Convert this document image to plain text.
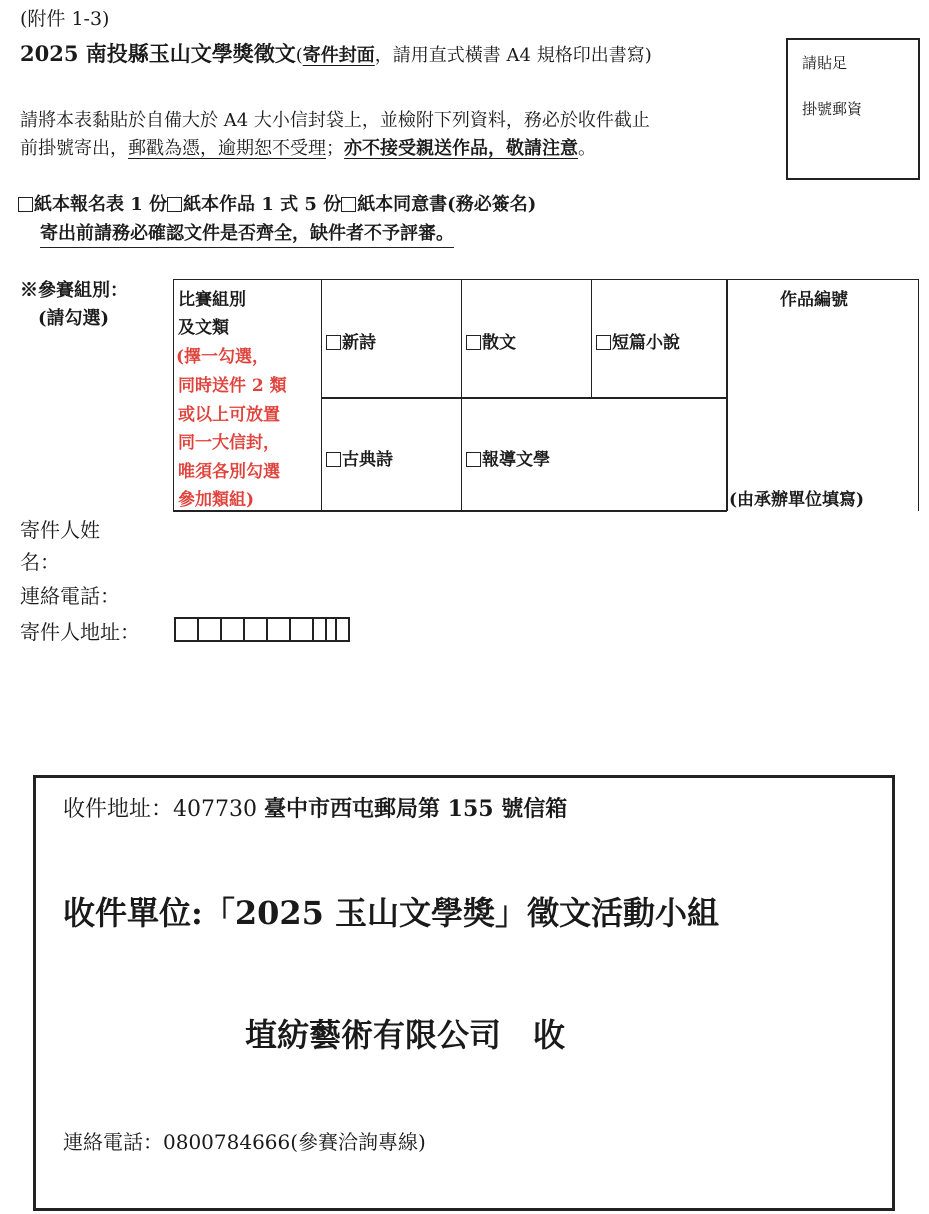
(附件 1-3)
2025 南投縣玉山文學獎徵文(寄件封面，請用直式橫書 A4 規格印出書寫)	請貼足
掛號郵資
請將本表黏貼於自備大於 A4 大小信封袋上，並檢附下列資料，務必於收件截止
前掛號寄出，郵戳為憑，逾期恕不受理；亦不接受親送作品，敬請注意。
紙本報名表 1 份 紙本作品 1 式 5 份 紙本同意書(務必簽名)
寄出前請務必確認文件是否齊全，缺件者不予評審。
※參賽組別：
(請勾選)
比賽組別
及文類
(擇一勾選，
同時送件 2 類
或以上可放置
同一大信封，
唯須各別勾選
參加類組)
新詩	散文	短篇小說
古典詩	報導文學
作品編號
(由承辦單位填寫)
寄件人姓
名：
連絡電話：
寄件人地址：
收件地址：407730 臺中市西屯郵局第 155 號信箱
收件單位:「2025 玉山文學獎」徵文活動小組
埴紡藝術有限公司　收
連絡電話：0800784666(參賽洽詢專線)
